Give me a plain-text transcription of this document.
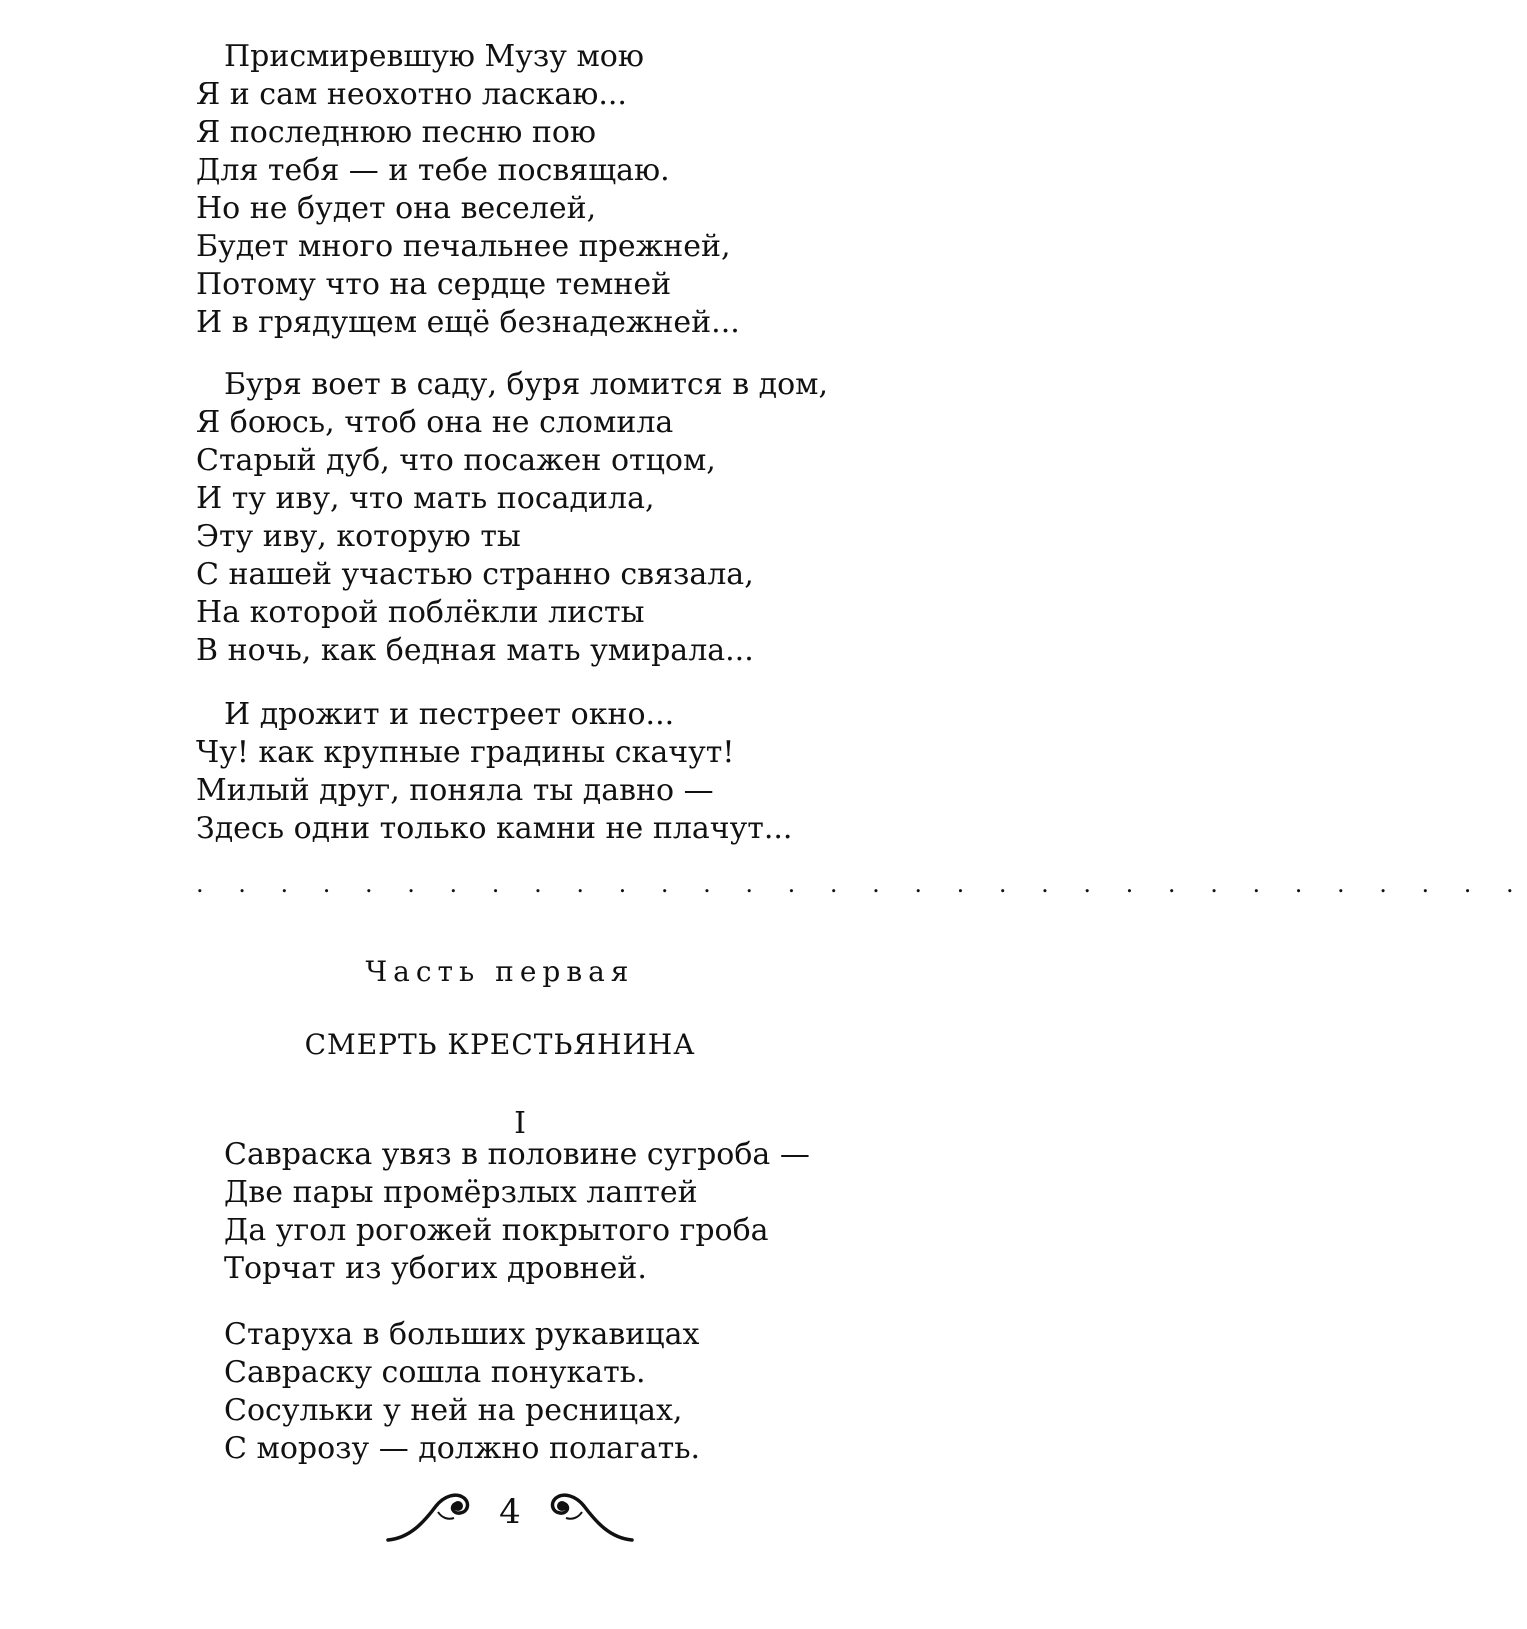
Присмиревшую Музу мою
Я и сам неохотно ласкаю...
Я последнюю песню пою
Для тебя — и тебе посвящаю.
Но не будет она веселей,
Будет много печальнее прежней,
Потому что на сердце темней
И в грядущем ещё безнадежней...
Буря воет в саду, буря ломится в дом,
Я боюсь, чтоб она не сломила
Старый дуб, что посажен отцом,
И ту иву, что мать посадила,
Эту иву, которую ты
С нашей участью странно связала,
На которой поблёкли листы
В ночь, как бедная мать умирала...
И дрожит и пестреет окно...
Чу! как крупные градины скачут!
Милый друг, поняла ты давно —
Здесь одни только камни не плачут...
. . . . . . . . . . . . . . . . . . . . . . . . . . . . . . . .
Часть первая
СМЕРТЬ КРЕСТЬЯНИНА
I
Савраска увяз в половине сугроба —
Две пары промёрзлых лаптей
Да угол рогожей покрытого гроба
Торчат из убогих дровней.
Старуха в больших рукавицах
Савраску сошла понукать.
Сосульки у ней на ресницах,
С морозу — должно полагать.
4
